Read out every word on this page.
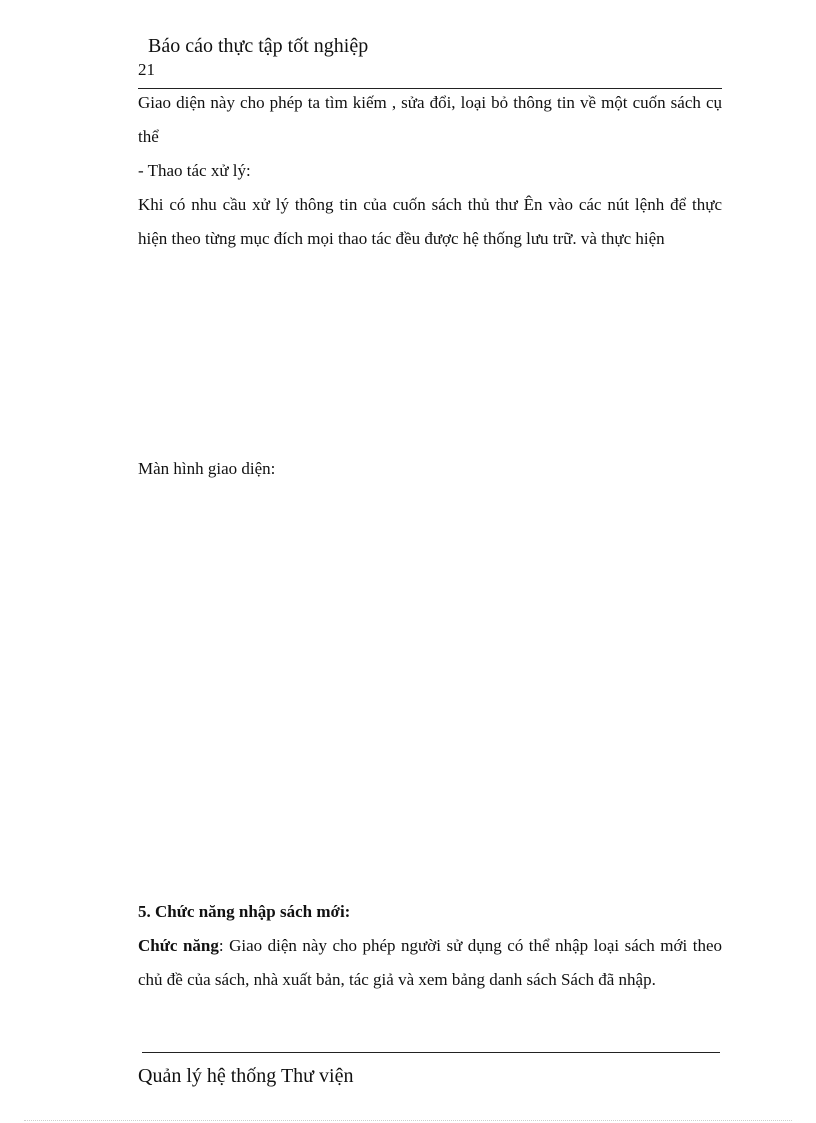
Báo cáo thực tập tốt nghiệp
21

Giao diện này cho phép ta tìm kiếm , sửa đổi, loại bỏ thông tin về một cuốn sách cụ thể

- Thao tác xử lý:

Khi có nhu cầu xử lý thông tin của cuốn sách thủ thư Ên vào các nút lệnh để thực hiện theo từng mục đích mọi thao tác đều được hệ thống lưu trữ. và thực hiện

Màn hình giao diện:

5. Chức năng nhập sách mới:

Chức năng: Giao diện này cho phép người sử dụng có thể nhập loại sách mới theo chủ đề của sách, nhà xuất bản, tác giả và xem bảng danh sách Sách đã nhập.

Quản lý hệ thống Thư viện
